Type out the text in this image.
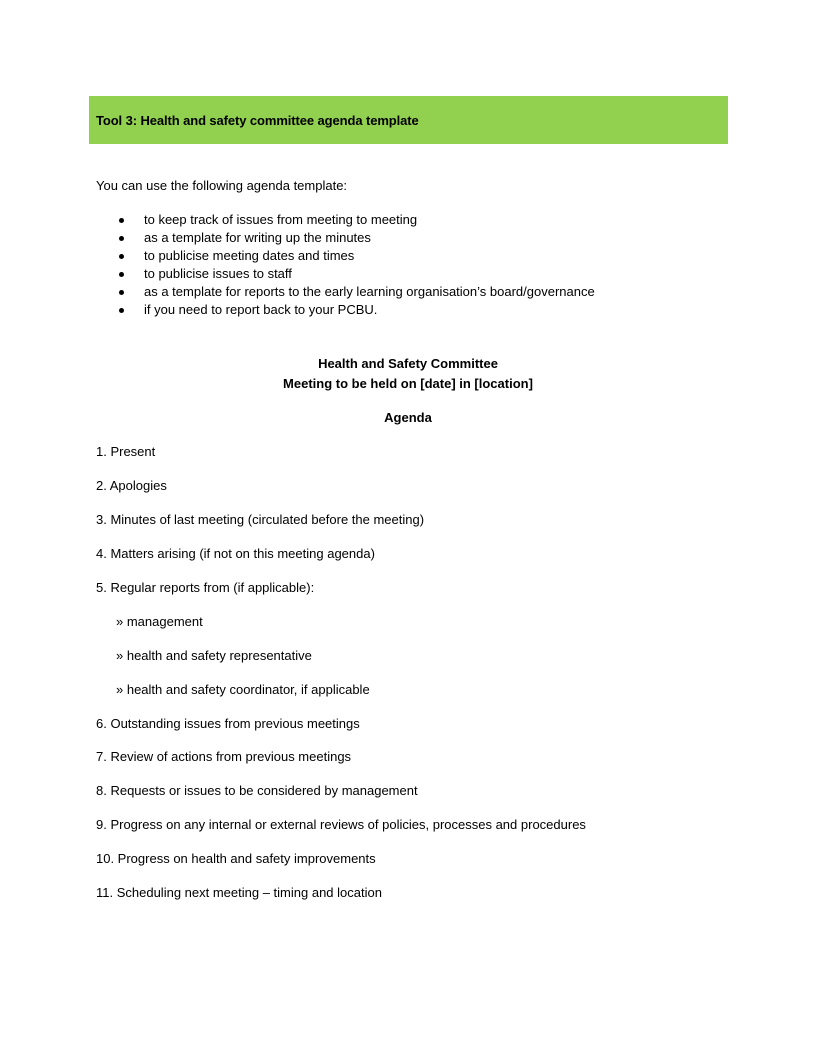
Tool 3: Health and safety committee agenda template

You can use the following agenda template:

to keep track of issues from meeting to meeting
as a template for writing up the minutes
to publicise meeting dates and times
to publicise issues to staff
as a template for reports to the early learning organisation’s board/governance
if you need to report back to your PCBU.
Health and Safety Committee
Meeting to be held on [date] in [location]
Agenda
1. Present
2. Apologies
3. Minutes of last meeting (circulated before the meeting)
4. Matters arising (if not on this meeting agenda)
5. Regular reports from (if applicable):
» management
» health and safety representative
» health and safety coordinator, if applicable
6. Outstanding issues from previous meetings
7. Review of actions from previous meetings
8. Requests or issues to be considered by management
9. Progress on any internal or external reviews of policies, processes and procedures
10. Progress on health and safety improvements
11. Scheduling next meeting – timing and location
